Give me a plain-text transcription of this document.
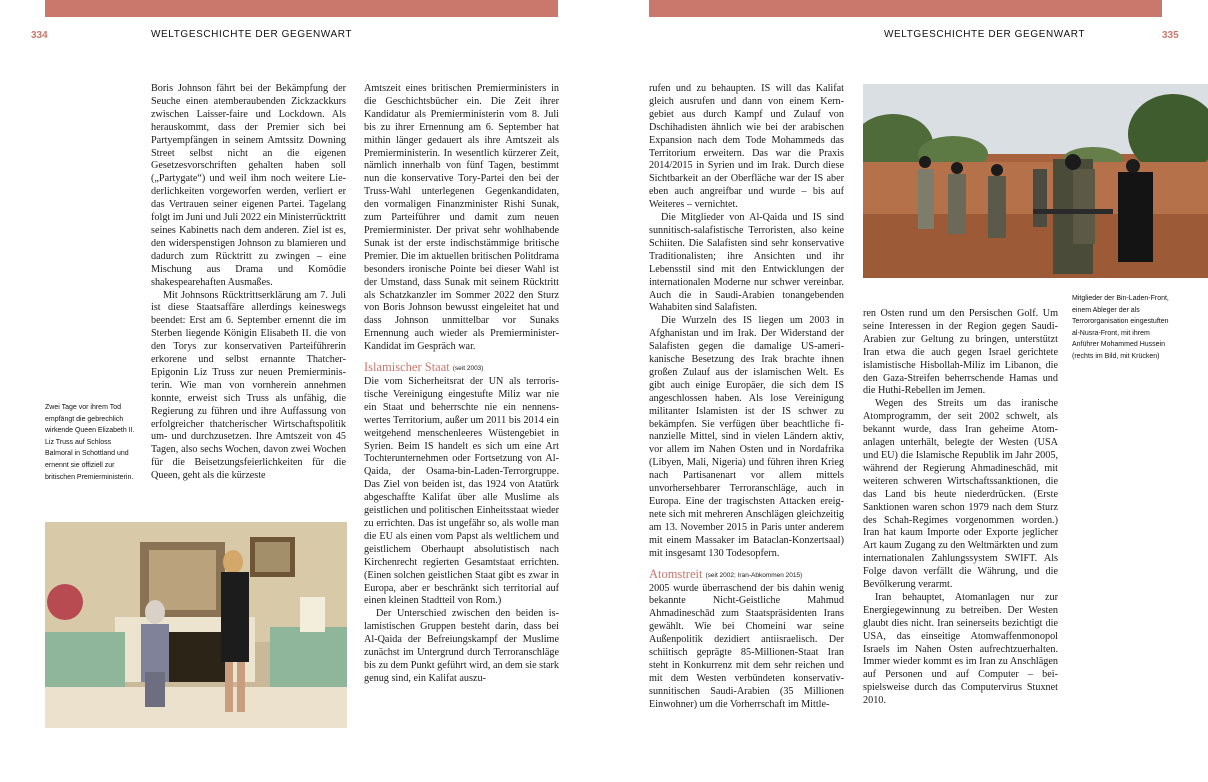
334	WELTGESCHICHTE DER GEGENWART

Boris Johnson fährt bei der Bekämpfung der Seuche einen atemberaubenden Zickzackkurs zwischen Laisser-faire und Lockdown. Als herauskommt, dass der Premier sich bei Partyempfängen in seinem Amtssitz Downing Street selbst nicht an die eigenen Gesetzesvorschriften gehalten haben soll („Partygate“) und weil ihm noch weitere Liederlichkeiten vorgeworfen werden, verliert er das Vertrauen seiner eigenen Partei. Tagelang folgt im Juni und Juli 2022 ein Ministerrücktritt seines Kabinetts nach dem anderen. Ziel ist es, den widerspenstigen Johnson zu blamieren und dadurch zum Rücktritt zu zwingen – eine Mischung aus Drama und Komödie shakespearehaften Ausmaßes.

Mit Johnsons Rücktrittserklärung am 7. Juli ist diese Staatsaffäre allerdings keineswegs beendet: Erst am 6. September ernennt die im Sterben liegende Königin Elisabeth II. die von den Torys zur konservativen Parteiführerin erkorene und selbst ernannte Thatcher-Epigonin Liz Truss zur neuen Premierministerin. Wie man von vornherein annehmen konnte, erweist sich Truss als unfähig, die Regierung zu führen und ihre Auffassung von erfolgreicher thatcherischer Wirtschaftspolitik um- und durchzusetzen. Ihre Amtszeit von 45 Tagen, also sechs Wochen, davon zwei Wochen für die Beisetzungsfeierlichkeiten für die Queen, geht als die kürzeste

Zwei Tage vor ihrem Tod empfängt die gebrechlich wirkende Queen Elizabeth II. Liz Truss auf Schloss Balmoral in Schottland und ernennt sie offiziell zur britischen Premierministerin.

Amtszeit eines britischen Premierministers in die Geschichtsbücher ein. Die Zeit ihrer Kandidatur als Premierministerin vom 8. Juli bis zu ihrer Ernennung am 6. September hat mithin länger gedauert als ihre Amtszeit als Premierministerin. In wesentlich kürzerer Zeit, nämlich innerhalb von fünf Tagen, bestimmt nun die konservative Tory-Partei den bei der Truss-Wahl unterlegenen Gegenkandidaten, den vormaligen Finanzminister Rishi Sunak, zum Parteiführer und damit zum neuen Premierminister. Der privat sehr wohlhabende Sunak ist der erste indischstämmige britische Premier. Die im aktuellen britischen Politdrama besonders ironische Pointe bei dieser Wahl ist der Umstand, dass Sunak mit seinem Rücktritt als Schatzkanzler im Sommer 2022 den Sturz von Boris Johnson bewusst eingeleitet hat und dass Johnson unmittelbar vor Sunaks Ernennung auch wieder als Premierminister-Kandidat im Gespräch war.

Islamischer Staat (seit 2003)

Die vom Sicherheitsrat der UN als terroristische Vereinigung eingestufte Miliz war nie ein Staat und beherrschte nie ein nennenswertes Territorium, außer um 2011 bis 2014 ein weitgehend menschenleeres Wüstengebiet in Syrien. Beim IS handelt es sich um eine Art Tochterunternehmen oder Fortsetzung von Al-Qaida, der Osama-bin-Laden-Terrorgruppe. Das Ziel von beiden ist, das 1924 von Atatürk abgeschaffte Kalifat über alle Muslime als geistlichen und politischen Einheitsstaat wieder zu errichten. Das ist ungefähr so, als wolle man die EU als einen vom Papst als weltlichem und geistlichem Oberhaupt absolutistisch nach Kirchenrecht regierten Gesamtstaat errichten. (Einen solchen geistlichen Staat gibt es zwar in Europa, aber er beschränkt sich territorial auf einen kleinen Stadtteil von Rom.)

Der Unterschied zwischen den beiden islamistischen Gruppen besteht darin, dass bei Al-Qaida der Befreiungskampf der Muslime zunächst im Untergrund durch Terroranschläge bis zu dem Punkt geführt wird, an dem sie stark genug sind, ein Kalifat auszu-

WELTGESCHICHTE DER GEGENWART	335

rufen und zu behaupten. IS will das Kalifat gleich ausrufen und dann von einem Kerngebiet aus durch Kampf und Zulauf von Dschihadisten ähnlich wie bei der arabischen Expansion nach dem Tode Mohammeds das Territorium erweitern. Das war die Praxis 2014/2015 in Syrien und im Irak. Durch diese Sichtbarkeit an der Oberfläche war der IS aber eben auch angreifbar und wurde – bis auf Weiteres – vernichtet.

Die Mitglieder von Al-Qaida und IS sind sunnitisch-salafistische Terroristen, also keine Schiiten. Die Salafisten sind sehr konservative Traditionalisten; ihre Ansichten und ihr Lebensstil sind mit den Entwicklungen der internationalen Moderne nur schwer vereinbar. Auch die in Saudi-Arabien tonangebenden Wahabiten sind Salafisten.

Die Wurzeln des IS liegen um 2003 in Afghanistan und im Irak. Der Widerstand der Salafisten gegen die damalige US-amerikanische Besetzung des Irak brachte ihnen großen Zulauf aus der islamischen Welt. Es gibt auch einige Europäer, die sich dem IS angeschlossen haben. Als lose Vereinigung militanter Islamisten ist der IS schwer zu bekämpfen. Sie verfügen über beachtliche finanzielle Mittel, sind in vielen Ländern aktiv, vor allem im Nahen Osten und in Nordafrika (Libyen, Mali, Nigeria) und führen ihren Krieg nach Partisanenart vor allem mittels unvorhersehbarer Terroranschläge, auch in Europa. Eine der tragischsten Attacken ereignete sich mit mehreren Anschlägen gleichzeitig am 13. November 2015 in Paris unter anderem mit einem Massaker im Bataclan-Konzertsaal) mit insgesamt 130 Todesopfern.

Atomstreit (seit 2002; Iran-Abkommen 2015)

2005 wurde überraschend der bis dahin wenig bekannte Nicht-Geistliche Mahmud Ahmadineschād zum Staatspräsidenten Irans gewählt. Wie bei Chomeini war seine Außenpolitik dezidiert antiisraelisch. Der schiitisch geprägte 85-Millionen-Staat Iran steht in Konkurrenz mit dem sehr reichen und mit dem Westen verbündeten konservativ-sunnitischen Saudi-Arabien (35 Millionen Einwohner) um die Vorherrschaft im Mittle-

Mitglieder der Bin-Laden-Front, einem Ableger der als Terrororganisation eingestuften al-Nusra-Front, mit ihrem Anführer Mohammed Hussein (rechts im Bild, mit Krücken)

ren Osten rund um den Persischen Golf. Um seine Interessen in der Region gegen Saudi-Arabien zur Geltung zu bringen, unterstützt Iran etwa die auch gegen Israel gerichtete islamistische Hisbollah-Miliz im Libanon, die den Gaza-Streifen beherrschende Hamas und die Huthi-Rebellen im Jemen.

Wegen des Streits um das iranische Atomprogramm, der seit 2002 schwelt, als bekannt wurde, dass Iran geheime Atomanlagen unterhält, belegte der Westen (USA und EU) die Islamische Republik im Jahr 2005, während der Regierung Ahmadineschād, mit weiteren schweren Wirtschaftssanktionen, die das Land bis heute niederdrücken. (Erste Sanktionen waren schon 1979 nach dem Sturz des Schah-Regimes vorgenommen worden.) Iran hat kaum Importe oder Exporte jeglicher Art kaum Zugang zu den Weltmärkten und zum internationalen Zahlungssystem SWIFT. Als Folge davon verfällt die Währung, und die Bevölkerung verarmt.

Iran behauptet, Atomanlagen nur zur Energiegewinnung zu betreiben. Der Westen glaubt dies nicht. Iran seinerseits bezichtigt die USA, das einseitige Atomwaffenmonopol Israels im Nahen Osten aufrechtzuerhalten. Immer wieder kommt es im Iran zu Anschlägen auf Personen und auf Computer – beispielsweise durch das Computervirus Stuxnet 2010.
